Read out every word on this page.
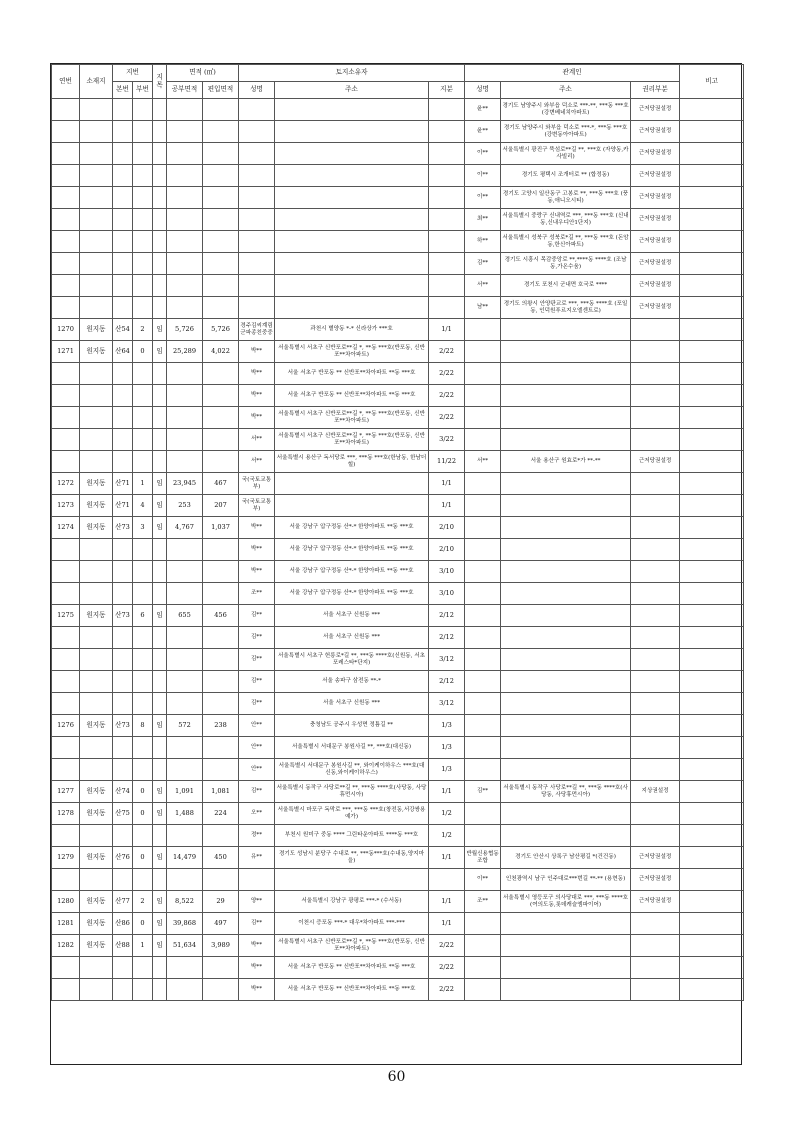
연번	소재지	지번		지목	면적 (㎡)		토지소유자			관계인			비고
		본번	부번		공부면적	편입면적	성명	주소	지분	성명	주소	권리부분	
										윤**	경기도 남양주시 와부읍 덕소로 ***-**, ***동 ***호 (강변베네치아파트)	근저당권설정	
										윤**	경기도 남양주시 와부읍 덕소로 ***-*, ***동 ***호 (강변동아아파트)	근저당권설정	
										이**	서울특별시 광진구 뚝섬로**길 **, ***호 (자양동,카사빌리)	근저당권설정	
										이**	경기도 평택시 조개터로 ** (합정동)	근저당권설정	
										이**	경기도 고양시 일산동구 고봉로 **, ***동 ***호 (풍동,애니오시티)	근저당권설정	
										최**	서울특별시 중랑구 신내역로 ***, ***동 ***호 (신내동,신내우디안1단지)	근저당권설정	
										하**	서울특별시 성북구 성북로*길 **, ***동 ***호 (돈암동,한신아파트)	근저당권설정	
										김**	경기도 시흥시 목감중앙로 **,****동 ****호 (조남동,가온수움)	근저당권설정	
										서**	경기도 포천시 군내면 호국로 ****	근저당권설정	
										남**	경기도 의왕시 안양판교로 ***, ***동 ****호 (포일동, 인덕원푸르지오엘센트로)	근저당권설정	
1270	원지동	산54	2	임	5,726	5,726	경주김씨계림군파종친중중	과천시 별양동 *-* 신라상가 ***호	1/1				
1271	원지동	산64	0	임	25,289	4,022	박**	서울특별시 서초구 신반포로**길 *, **동 ***호(반포동, 신반포**차아파트)	2/22				
							박**	서울 서초구 반포동 ** 신반포**차아파트 **동 ***호	2/22				
							박**	서울 서초구 반포동 ** 신반포**차아파트 **동 ***호	2/22				
							박**	서울특별시 서초구 신반포로**길 *, **동 ***호(반포동, 신반포**차아파트)	2/22				
							서**	서울특별시 서초구 신반포로**길 *, **동 ***호(반포동, 신반포**차아파트)	3/22				
							서**	서울특별시 용산구 독서당로 ***, ***동 ***호(한남동, 한남더힐)	11/22	서**	서울 용산구 원효로*가 **-**	근저당권설정	
1272	원지동	산71	1	임	23,945	467	국(국토교통부)		1/1				
1273	원지동	산71	4	임	253	207	국(국토교통부)		1/1				
1274	원지동	산73	3	임	4,767	1,037	박**	서울 강남구 압구정동 산*-* 한양아파트 **동 ***호	2/10				
							박**	서울 강남구 압구정동 산*-* 한양아파트 **동 ***호	2/10				
							박**	서울 강남구 압구정동 산*-* 한양아파트 **동 ***호	3/10				
							조**	서울 강남구 압구정동 산*-* 한양아파트 **동 ***호	3/10				
1275	원지동	산73	6	임	655	456	김**	서울 서초구 신원동 ***	2/12				
							김**	서울 서초구 신원동 ***	2/12				
							김**	서울특별시 서초구 헌릉로*길 **, ***동 ****호(신원동, 서초포레스타*단지)	3/12				
							김**	서울 송파구 삼전동 **-*	2/12				
							김**	서울 서초구 신원동 ***	3/12				
1276	원지동	산73	8	임	572	238	안**	충청남도 공주시 우성면 정틈길 **	1/3				
							안**	서울특별시 서대문구 봉원사길 **, ***호(대신동)	1/3				
							안**	서울특별시 서대문구 봉원사길 **, 와이케이하우스 ***호(대신동,와이케이하우스)	1/3				
1277	원지동	산74	0	임	1,091	1,081	김**	서울특별시 동작구 사당로**길 **, ***동 ****호(사당동, 사당휴먼시아)	1/1	김**	서울특별시 동작구 사당로**길 **, ***동 ****호(사당동, 사당휴먼시아)	지상권설정	
1278	원지동	산75	0	임	1,488	224	오**	서울특별시 마포구 독막로 ***, ***동 ***호(창전동,서강쌍용예가)	1/2				
							정**	부천시 원미구 중동 **** 그린타운아파트 ****동 ***호	1/2				
1279	원지동	산76	0	임	14,479	450	유**	경기도 성남시 분당구 수내로 **, ***동***호(수내동,양지마을)	1/1	반월신용협동조합	경기도 안산시 상록구 남산평길 *(건건동)	근저당권설정	
										이**	인천광역시 남구 인주대로***번길 **-** (용현동)	근저당권설정	
1280	원지동	산77	2	임	8,522	29	양**	서울특별시 강남구 광평로 ***-* (수서동)	1/1	조**	서울특별시 영등포구 의사당대로 ***, ***동 ****호(여의도동,롯데캐슬엠파이어)	근저당권설정	
1281	원지동	산86	0	임	39,868	497	김**	이천시 증포동 ***-* 대우*차아파트 ***-***	1/1				
1282	원지동	산88	1	임	51,634	3,989	박**	서울특별시 서초구 신반포로**길 *, **동 ***호(반포동, 신반포**차아파트)	2/22				
							박**	서울 서초구 반포동 ** 신반포**차아파트 **동 ***호	2/22				
							박**	서울 서초구 반포동 ** 신반포**차아파트 **동 ***호	2/22				
60
